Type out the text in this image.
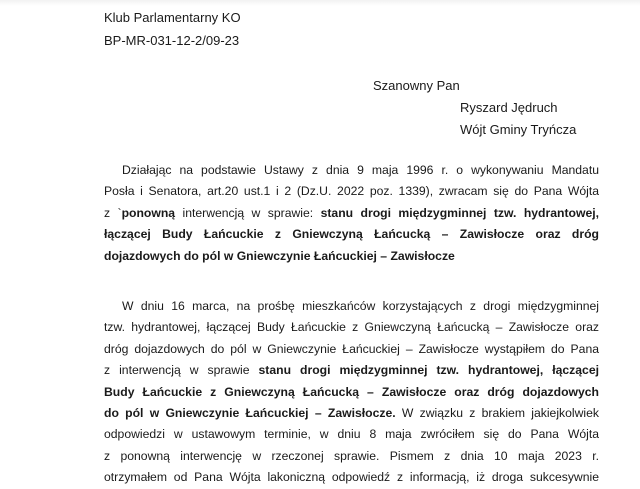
Klub Parlamentarny KO
BP-MR-031-12-2/09-23
Szanowny Pan
Ryszard Jędruch
Wójt Gminy Tryńcza
Działając na podstawie Ustawy z dnia 9 maja 1996 r. o wykonywaniu Mandatu
Posła i Senatora, art.20 ust.1 i 2 (Dz.U. 2022 poz. 1339), zwracam się do Pana Wójta
z `ponowną interwencją w sprawie: stanu drogi międzygminnej tzw. hydrantowej,
łączącej Budy Łańcuckie z Gniewczyną Łańcucką – Zawisłocze oraz dróg
dojazdowych do pól w Gniewczynie Łańcuckiej – Zawisłocze
W dniu 16 marca, na prośbę mieszkańców korzystających z drogi międzygminnej
tzw. hydrantowej, łączącej Budy Łańcuckie z Gniewczyną Łańcucką – Zawisłocze oraz
dróg dojazdowych do pól w Gniewczynie Łańcuckiej – Zawisłocze wystąpiłem do Pana
z interwencją w sprawie stanu drogi międzygminnej tzw. hydrantowej, łączącej
Budy Łańcuckie z Gniewczyną Łańcucką – Zawisłocze oraz dróg dojazdowych
do pól w Gniewczynie Łańcuckiej – Zawisłocze. W związku z brakiem jakiejkolwiek
odpowiedzi w ustawowym terminie, w dniu 8 maja zwróciłem się do Pana Wójta
z ponowną interwencję w rzeczonej sprawie. Pismem z dnia 10 maja 2023 r.
otrzymałem od Pana Wójta lakoniczną odpowiedź z informacją, iż droga sukcesywnie
